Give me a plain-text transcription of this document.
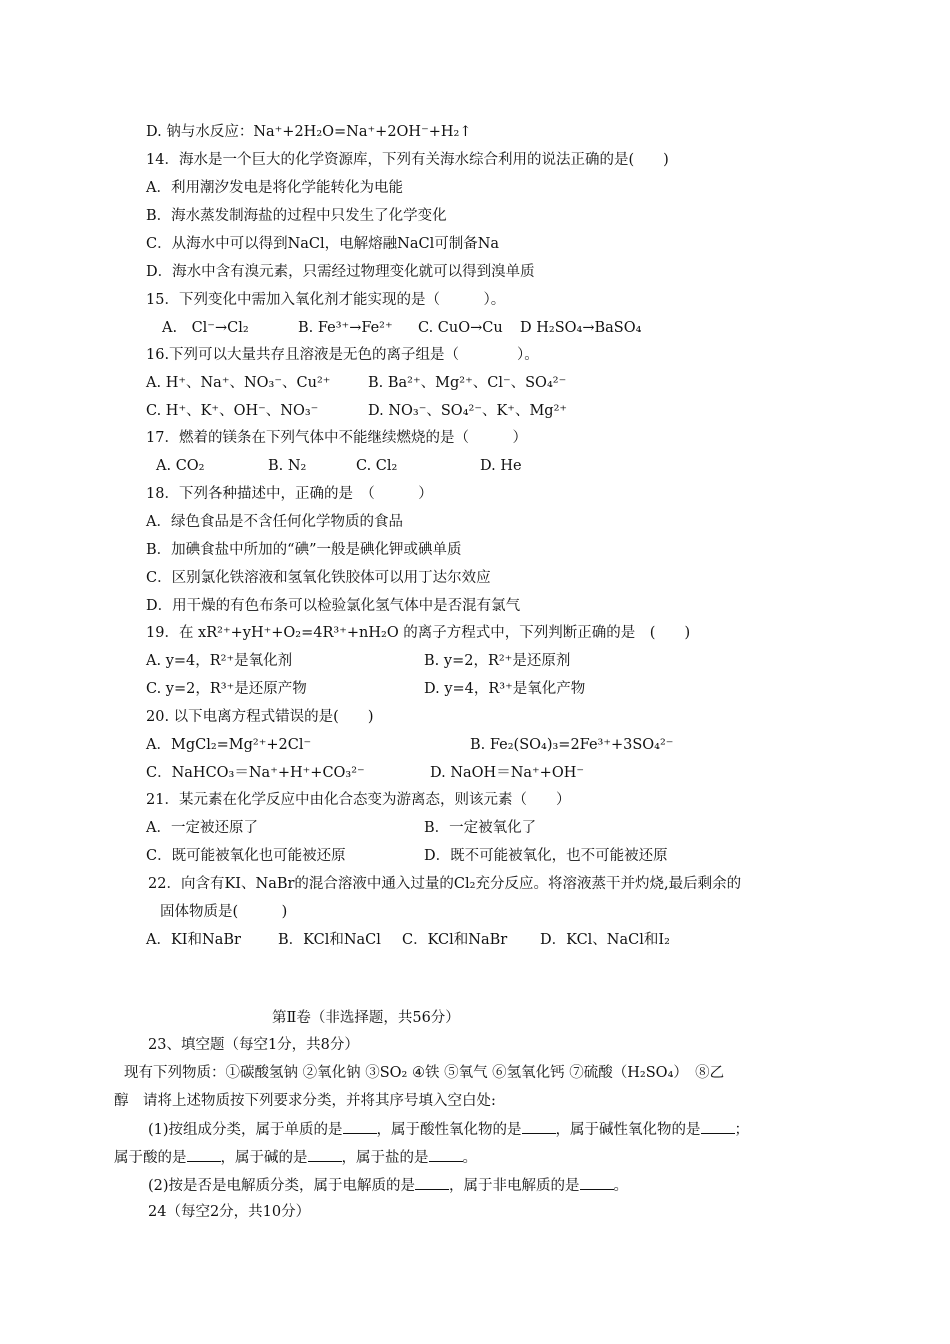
D. 钠与水反应：Na⁺+2H₂O=Na⁺+2OH⁻+H₂↑
14．海水是一个巨大的化学资源库，下列有关海水综合利用的说法正确的是(　　)
A．利用潮汐发电是将化学能转化为电能
B．海水蒸发制海盐的过程中只发生了化学变化
C．从海水中可以得到NaCl，电解熔融NaCl可制备Na
D．海水中含有溴元素，只需经过物理变化就可以得到溴单质
15．下列变化中需加入氧化剂才能实现的是（　　　）。
A.　Cl⁻→Cl₂	B. Fe³⁺→Fe²⁺ C. CuO→Cu D H₂SO₄→BaSO₄
16.下列可以大量共存且溶液是无色的离子组是（　　　　）。
A. H⁺、Na⁺、NO₃⁻、Cu²⁺	B. Ba²⁺、Mg²⁺、Cl⁻、SO₄²⁻
C. H⁺、K⁺、OH⁻、NO₃⁻	D. NO₃⁻、SO₄²⁻、K⁺、Mg²⁺
17．燃着的镁条在下列气体中不能继续燃烧的是（　　　）
A. CO₂	B. N₂	C. Cl₂	D. He
18．下列各种描述中，正确的是　（　　　）
A．绿色食品是不含任何化学物质的食品
B．加碘食盐中所加的“碘”一般是碘化钾或碘单质
C．区别氯化铁溶液和氢氧化铁胶体可以用丁达尔效应
D．用干燥的有色布条可以检验氯化氢气体中是否混有氯气
19．在 xR²⁺+yH⁺+O₂=4R³⁺+nH₂O 的离子方程式中，下列判断正确的是　(　　)
A. y=4，R²⁺是氧化剂	B. y=2，R²⁺是还原剂
C. y=2，R³⁺是还原产物	D. y=4，R³⁺是氧化产物
20. 以下电离方程式错误的是(　　)
A．MgCl₂=Mg²⁺+2Cl⁻	B. Fe₂(SO₄)₃=2Fe³⁺+3SO₄²⁻
C．NaHCO₃＝Na⁺+H⁺+CO₃²⁻	D. NaOH＝Na⁺+OH⁻
21．某元素在化学反应中由化合态变为游离态，则该元素（　　）
A．一定被还原了	B．一定被氧化了
C．既可能被氧化也可能被还原	D．既不可能被氧化，也不可能被还原
22．向含有KI、NaBr的混合溶液中通入过量的Cl₂充分反应。将溶液蒸干并灼烧,最后剩余的
固体物质是(　　　)
A．KI和NaBr	B．KCl和NaCl C．KCl和NaBr D．KCl、NaCl和I₂
第Ⅱ卷（非选择题，共56分）
23、填空题（每空1分，共8分）
现有下列物质：①碳酸氢钠 ②氧化钠 ③SO₂ ④铁 ⑤氧气 ⑥氢氧化钙 ⑦硫酸（H₂SO₄）　⑧乙
醇　请将上述物质按下列要求分类，并将其序号填入空白处:
(1)按组成分类，属于单质的是 ，属于酸性氧化物的是 ，属于碱性氧化物的是 ；
属于酸的是 ，属于碱的是 ，属于盐的是 。
(2)按是否是电解质分类，属于电解质的是 ，属于非电解质的是 。
24（每空2分，共10分）
